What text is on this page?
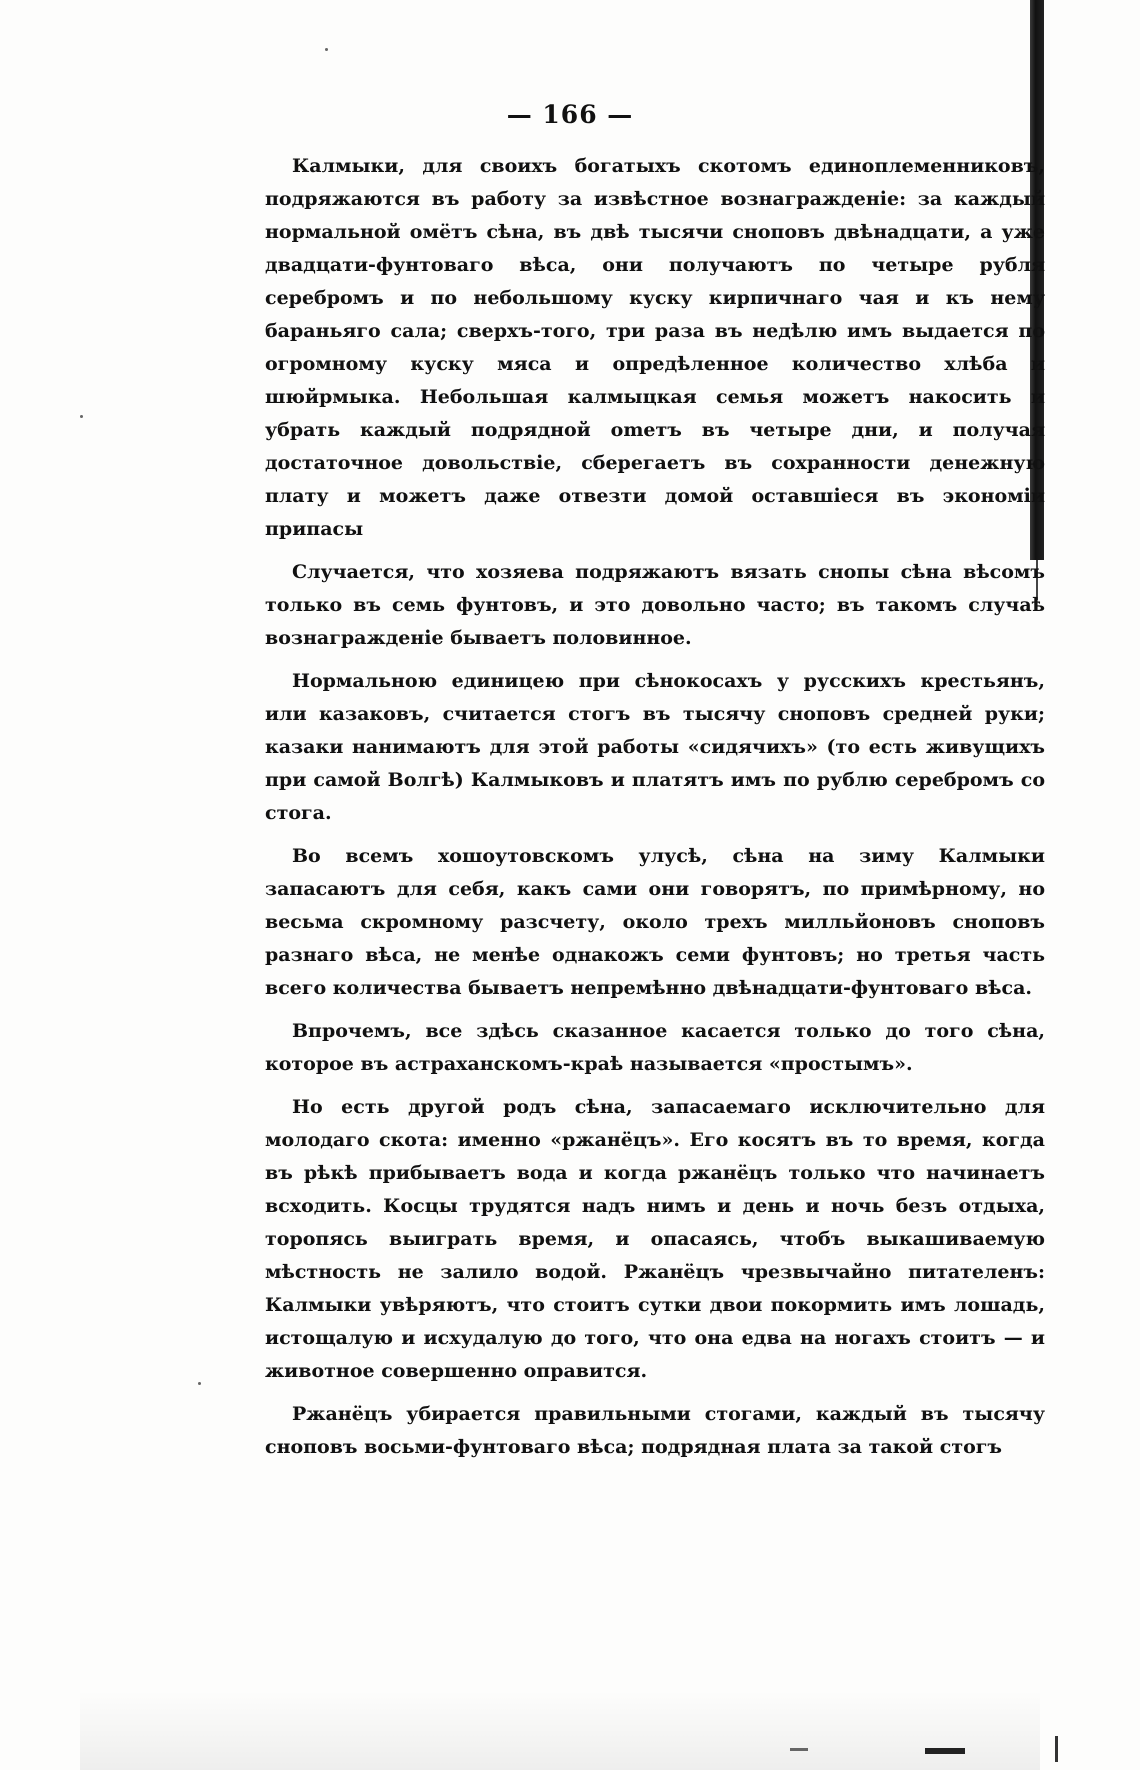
— 166 —

Калмыки, для своихъ богатыхъ скотомъ единоплеменниковъ, подряжаются въ работу за извѣстное вознагражденіе: за каждый нормальной омётъ сѣна, въ двѣ тысячи сноповъ двѣнадцати, а уже двадцати-фунтоваго вѣса, они получаютъ по четыре рубля серебромъ и по небольшому куску кирпичнаго чая и къ нему бараньяго сала; сверхъ-того, три раза въ недѣлю имъ выдается по огромному куску мяса и опредѣленное количество хлѣба и шюйрмыка. Небольшая калмыцкая семья можетъ накосить и убрать каждый подрядной оmетъ въ четыре дни, и получая достаточное довольствіе, сберегаетъ въ сохранности денежную плату и можетъ даже отвезти домой оставшіеся въ экономіи припасы

Случается, что хозяева подряжаютъ вязать снопы сѣна вѣсомъ только въ семь фунтовъ, и это довольно часто; въ такомъ случаѣ вознагражденіе бываетъ половинное.

Нормальною единицею при сѣнокосахъ у русскихъ крестьянъ, или казаковъ, считается стогъ въ тысячу сноповъ средней руки; казаки нанимаютъ для этой работы «сидячихъ» (то есть живущихъ при самой Волгѣ) Калмыковъ и платятъ имъ по рублю серебромъ со стога.

Во всемъ хошоутовскомъ улусѣ, сѣна на зиму Калмыки запасаютъ для себя, какъ сами они говорятъ, по примѣрному, но весьма скромному разсчету, около трехъ милльйоновъ сноповъ разнаго вѣса, не менѣе однакожъ семи фунтовъ; но третья часть всего количества бываетъ непремѣнно двѣнадцати-фунтоваго вѣса.

Впрочемъ, все здѣсь сказанное касается только до того сѣна, которое въ астраханскомъ-краѣ называется «простымъ».

Но есть другой родъ сѣна, запасаемаго исключительно для молодаго скота: именно «ржанёцъ». Его косятъ въ то время, когда въ рѣкѣ прибываетъ вода и когда ржанёцъ только что начинаетъ всходить. Косцы трудятся надъ нимъ и день и ночь безъ отдыха, торопясь выиграть время, и опасаясь, чтобъ выкашиваемую мѣстность не залило водой. Ржанёцъ чрезвычайно питателенъ: Калмыки увѣряютъ, что стоитъ сутки двои покормить имъ лошадь, истощалую и исхудалую до того, что она едва на ногахъ стоитъ — и животное совершенно оправится.

Ржанёцъ убирается правильными стогами, каждый въ тысячу сноповъ восьми-фунтоваго вѣса; подрядная плата за такой стогъ
